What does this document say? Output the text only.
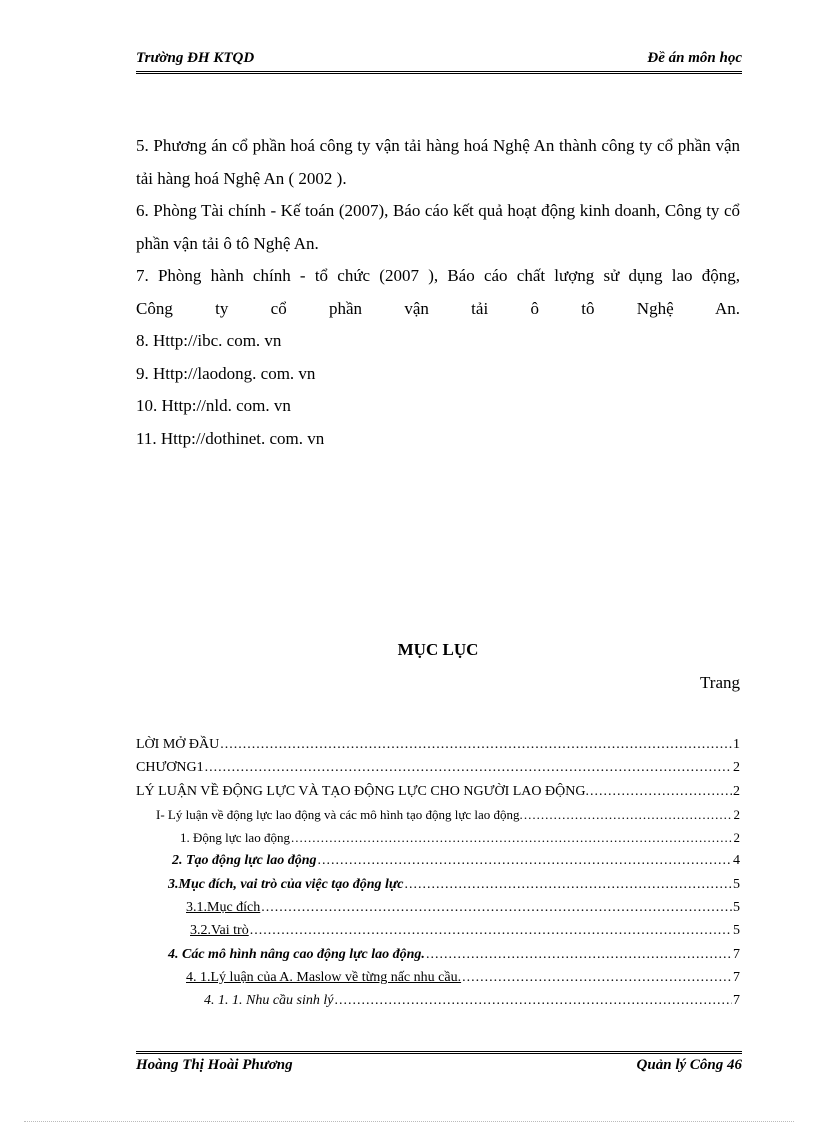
Trường ĐH KTQD	Đề án môn học

5. Phương án cổ phần hoá công ty vận tải hàng hoá Nghệ An thành công ty cổ phần vận tải hàng hoá Nghệ An ( 2002 ).

6. Phòng Tài chính - Kế toán (2007), Báo cáo kết quả hoạt động kinh doanh, Công ty cổ phần vận tải ô tô Nghệ An.

7. Phòng hành chính - tổ chức (2007 ), Báo cáo chất lượng sử dụng lao động,

Công ty cổ phần vận tải ô tô Nghệ An.

8. Http://ibc. com. vn

9. Http://laodong. com. vn

10. Http://nld. com. vn

11. Http://dothinet. com. vn

MỤC LỤC
Trang
LỜI MỞ ĐẦU .....	1
CHƯƠNG1 .....	2
LÝ LUẬN VỀ ĐỘNG LỰC VÀ TẠO ĐỘNG LỰC CHO NGƯỜI LAO ĐỘNG. .....	2
I- Lý luận về động lực lao động và các mô hình tạo động lực lao động. .....	2
1. Động lực lao động .....	2
2. Tạo động lực lao động .....	4
3.Mục đích, vai trò của việc tạo động lực .....	5
3.1.Mục đích .....	5
3.2.Vai trò .....	5
4. Các mô hình nâng cao động lực lao động. .....	7
4. 1.Lý luận của A. Maslow về từng nấc nhu cầu. .....	7
4. 1. 1. Nhu cầu sinh lý .....	7
Hoàng Thị Hoài Phương	Quản lý Công 46
